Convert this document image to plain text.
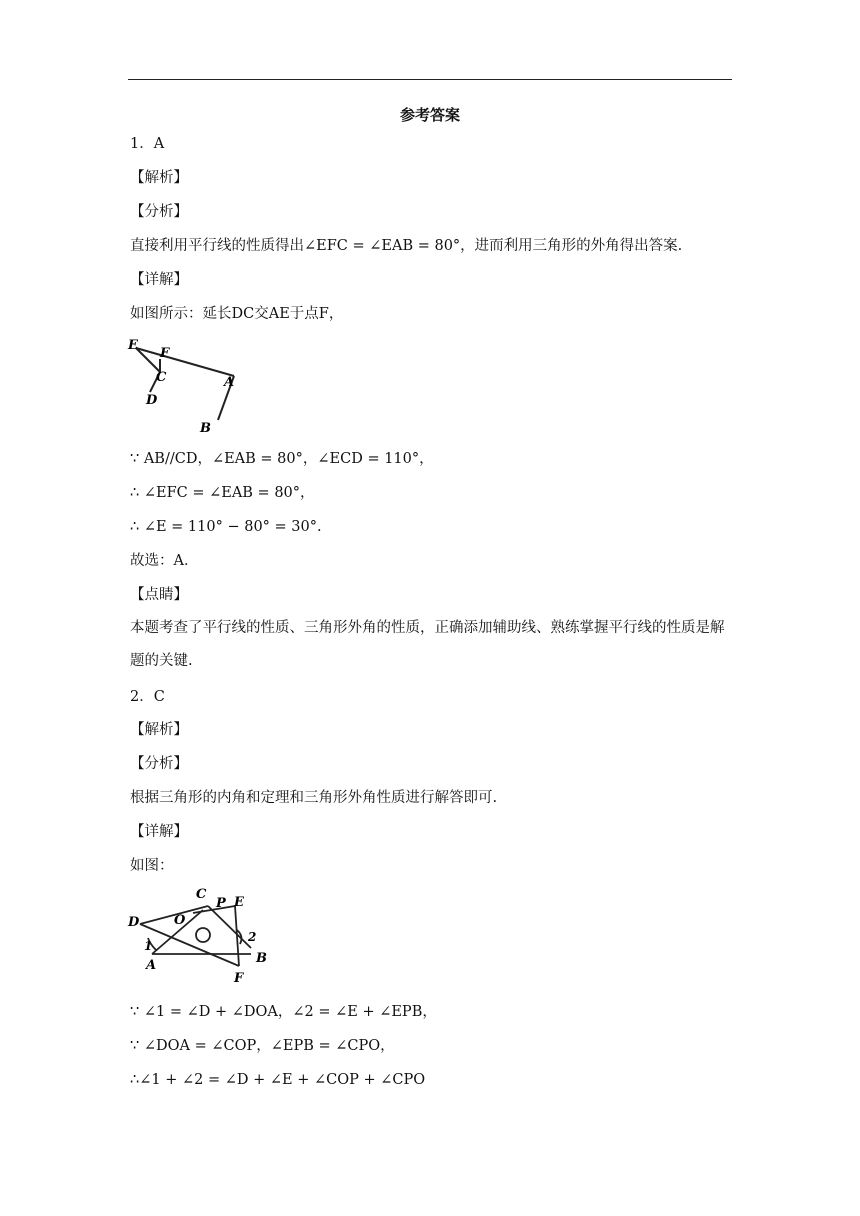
参考答案
1．A
【解析】
【分析】
直接利用平行线的性质得出∠EFC = ∠EAB = 80°，进而利用三角形的外角得出答案.
【详解】
如图所示：延长DC交AE于点F，
E
F
C
D
A
B
∵ AB//CD，∠EAB = 80°，∠ECD = 110°，
∴ ∠EFC = ∠EAB = 80°，
∴ ∠E = 110° − 80° = 30°.
故选：A．
【点睛】
本题考查了平行线的性质、三角形外角的性质，正确添加辅助线、熟练掌握平行线的性质是解题的关键.
2．C
【解析】
【分析】
根据三角形的内角和定理和三角形外角性质进行解答即可.
【详解】
如图：
C
P E
O
D
1
2
A	B
F
∵ ∠1 = ∠D + ∠DOA，∠2 = ∠E + ∠EPB，
∵ ∠DOA = ∠COP，∠EPB = ∠CPO，
∴∠1 + ∠2 = ∠D + ∠E + ∠COP + ∠CPO
